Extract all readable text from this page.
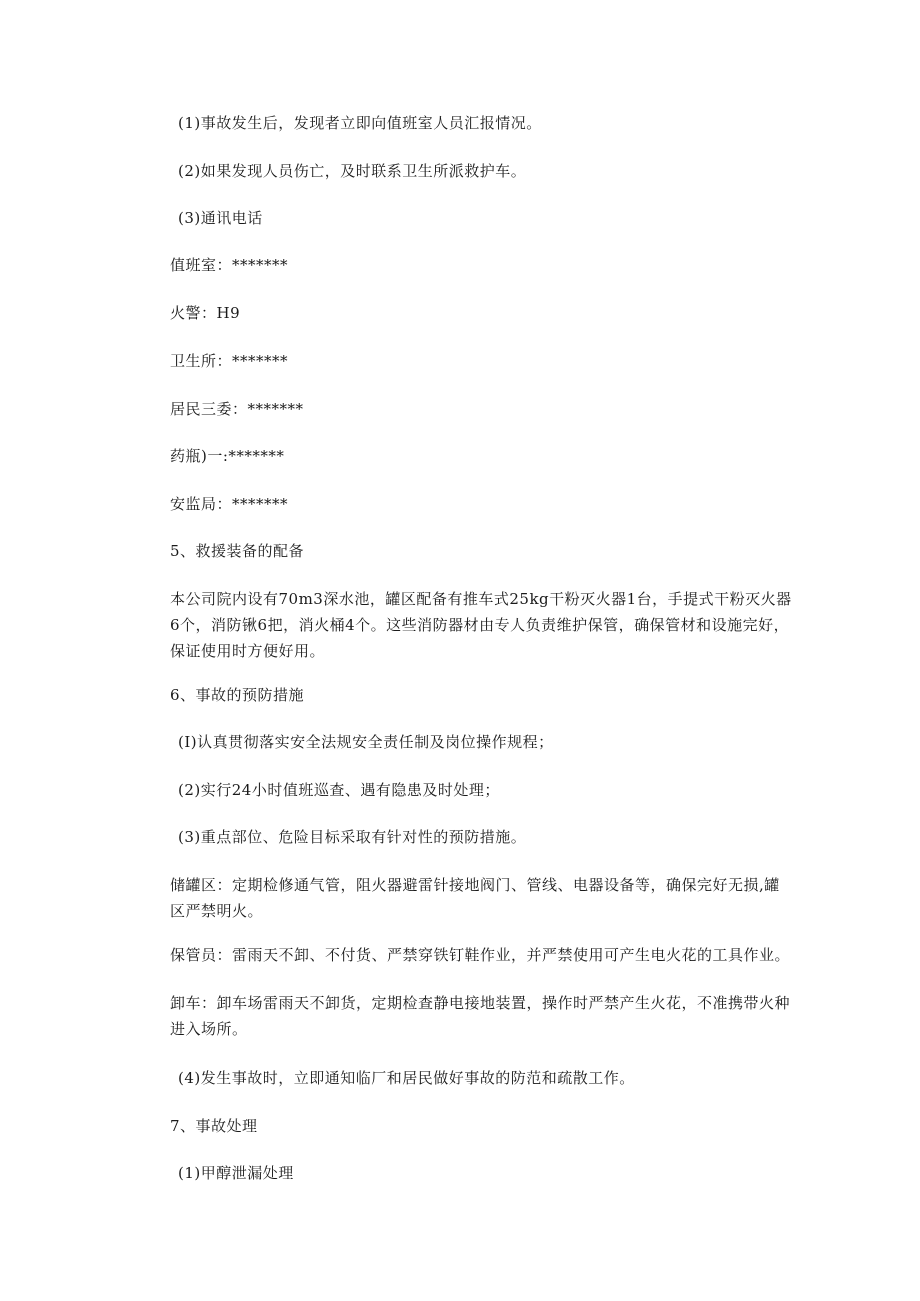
(1)事故发生后，发现者立即向值班室人员汇报情况。
(2)如果发现人员伤亡，及时联系卫生所派救护车。
(3)通讯电话
值班室：*******
火警：H9
卫生所：*******
居民三委：*******
药瓶)一:*******
安监局：*******
5、救援装备的配备
本公司院内设有70m3深水池，罐区配备有推车式25kg干粉灭火器1台，手提式干粉灭火器6个，消防锹6把，消火桶4个。这些消防器材由专人负责维护保管，确保管材和设施完好，保证使用时方便好用。
6、事故的预防措施
(I)认真贯彻落实安全法规安全责任制及岗位操作规程；
(2)实行24小时值班巡查、遇有隐患及时处理；
(3)重点部位、危险目标采取有针对性的预防措施。
储罐区：定期检修通气管，阻火器避雷针接地阀门、管线、电器设备等，确保完好无损,罐区严禁明火。
保管员：雷雨天不卸、不付货、严禁穿铁钉鞋作业，并严禁使用可产生电火花的工具作业。
卸车：卸车场雷雨天不卸货，定期检查静电接地装置，操作时严禁产生火花，不准携带火种进入场所。
(4)发生事故时，立即通知临厂和居民做好事故的防范和疏散工作。
7、事故处理
(1)甲醇泄漏处理
